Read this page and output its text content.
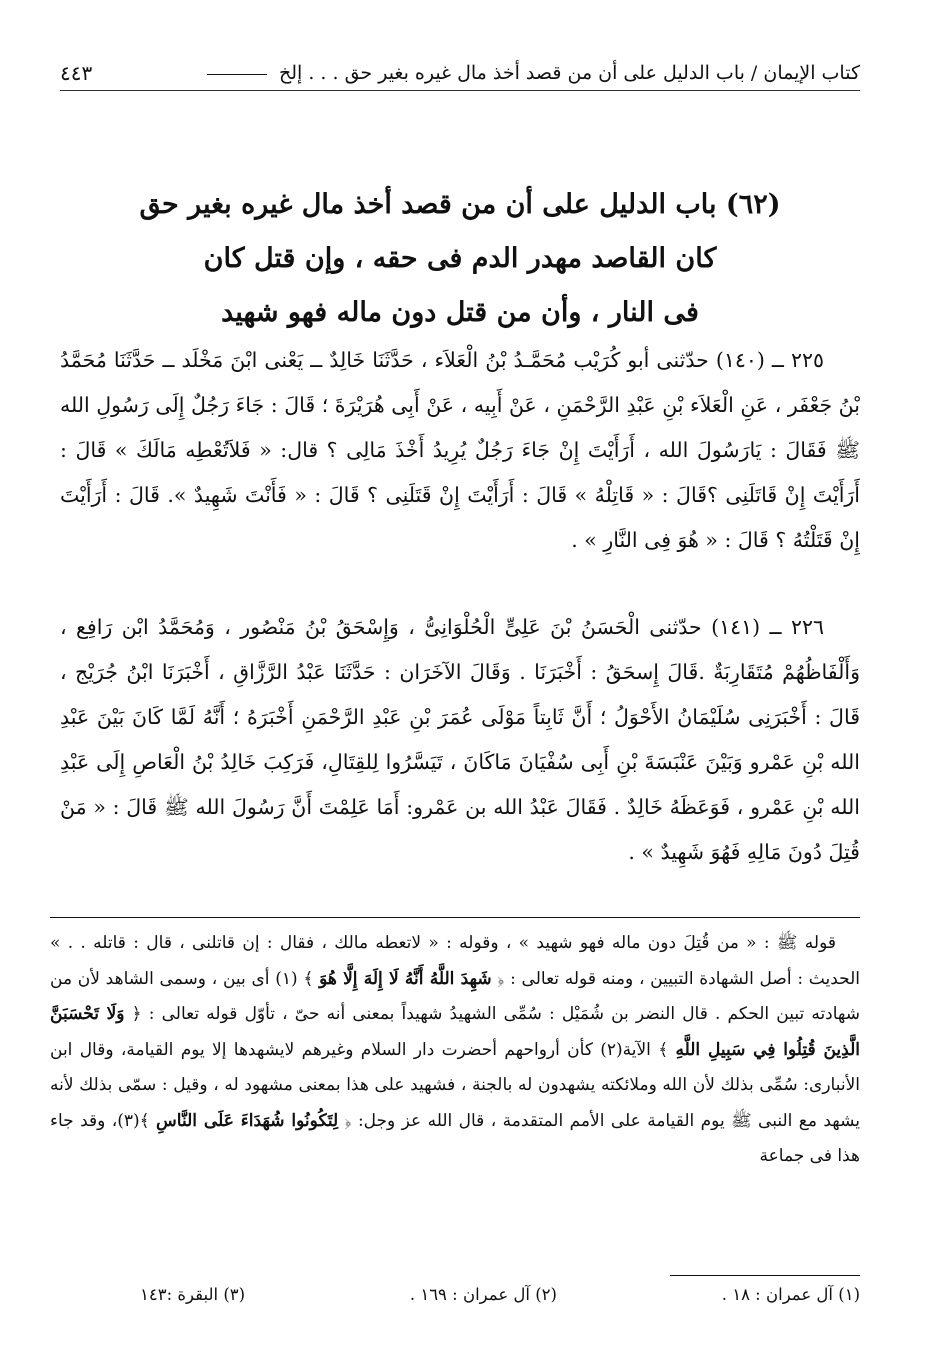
كتاب الإيمان / باب الدليل على أن من قصد أخذ مال غيره بغير حق . . . إلخ
٤٤٣
(٦٢) باب الدليل على أن من قصد أخذ مال غيره بغير حق
كان القاصد مهدر الدم فى حقه ، وإن قتل كان
فى النار ، وأن من قتل دون ماله فهو شهيد

٢٢٥ ــ (١٤٠) حدّثنى أبو كُرَيْب مُحَمَّـدُ بْنُ الْعَلاَء ، حَدَّثَنَا خَالِدٌ ــ يَعْنى ابْنَ مَخْلَد ــ حَدَّثَنَا مُحَمَّدُ بْنُ جَعْفَر ، عَنِ الْعَلاَء بْنِ عَبْدِ الرَّحْمَنِ ، عَنْ أَبِيه ، عَنْ أَبِى هُرَيْرَةَ ؛ قَالَ : جَاءَ رَجُلٌ إِلَى رَسُولِ الله ﷺ فَقَالَ : يَارَسُولَ الله ، أَرَأَيْتَ إِنْ جَاءَ رَجُلٌ يُرِيدُ أَخْذَ مَالِى ؟ قال: « فَلاَتُعْطِه مَالَكَ » قَالَ : أَرَأَيْتَ إِنْ قَاتَلَنِى ؟قَالَ : « قَاتِلْهُ » قَالَ : أَرَأَيْتَ إِنْ قَتَلَنِى ؟ قَالَ : « فَأَنْتَ شَهِيدٌ ». قَالَ : أَرَأَيْتَ إِنْ قَتَلْتُهُ ؟ قَالَ : « هُوَ فِى النَّارِ » .

٢٢٦ ــ (١٤١) حدّثنى الْحَسَنُ بْنَ عَلِىٍّ الْحُلْوَانِىُّ ، وَإِسْحَقُ بْنُ مَنْصُور ، وَمُحَمَّدُ ابْن رَافِع ، وَأَلْفَاظُهُمْ مُتَقَارِبَةٌ .قَالَ إِسحَقُ : أَخْبَرَنَا . وَقَالَ الآخَرَان : حَدَّثَنَا عَبْدُ الرَّزَّاقِ ، أَخْبَرَنَا ابْنُ جُرَيْج ، قَالَ : أَخْبَرَنِى سُلَيْمَانُ الأَحْوَلُ ؛ أَنَّ ثَابِتاً مَوْلَى عُمَرَ بْنِ عَبْدِ الرَّحْمَنِ أَخْبَرَهُ ؛ أَنَّهُ لَمَّا كَانَ بَيْنَ عَبْدِ الله بْنِ عَمْرو وَبَيْنَ عَنْبَسَةَ بْنِ أَبِى سُفْيَانَ مَاكَانَ ، تَيَسَّرُوا لِلقِتَالِ، فَرَكِبَ خَالِدُ بْنُ الْعَاصِ إِلَى عَبْدِ الله بْنِ عَمْرو ، فَوَعَظَهُ خَالِدٌ . فَقَالَ عَبْدُ الله بن عَمْرو: أَمَا عَلِمْتَ أَنَّ رَسُولَ الله ﷺ قَالَ : « مَنْ قُتِلَ دُونَ مَالِهِ فَهُوَ شَهِيدٌ » .

قوله ﷺ : « من قُتِلَ دون ماله فهو شهيد » ، وقوله : « لاتعطه مالك ، فقال : إن قاتلنى ، قال : قاتله . . » الحديث : أصل الشهادة التبيين ، ومنه قوله تعالى : ﴿ شَهِدَ اللَّهُ أَنَّهُ لَا إِلَهَ إِلَّا هُوَ ﴾ (١) أى بين ، وسمى الشاهد لأن من شهادته تبين الحكم . قال النضر بن شُمَيْل : سُمِّى الشهيدُ شهيداً بمعنى أنه حىّ ، تأوّل قوله تعالى : ﴿ وَلَا تَحْسَبَنَّ الَّذِينَ قُتِلُوا فِي سَبِيلِ اللَّهِ ﴾ الآية(٢) كأن أرواحهم أحضرت دار السلام وغيرهم لايشهدها إلا يوم القيامة، وقال ابن الأنبارى: سُمِّى بذلك لأن الله وملائكته يشهدون له بالجنة ، فشهيد على هذا بمعنى مشهود له ، وقيل : سمّى بذلك لأنه يشهد مع النبى ﷺ يوم القيامة على الأمم المتقدمة ، قال الله عز وجل: ﴿ لِتَكُونُوا شُهَدَاءَ عَلَى النَّاسِ ﴾(٣)، وقد جاء هذا فى جماعة

(١) آل عمران : ١٨ .
(٢) آل عمران : ١٦٩ .
(٣) البقرة :١٤٣
